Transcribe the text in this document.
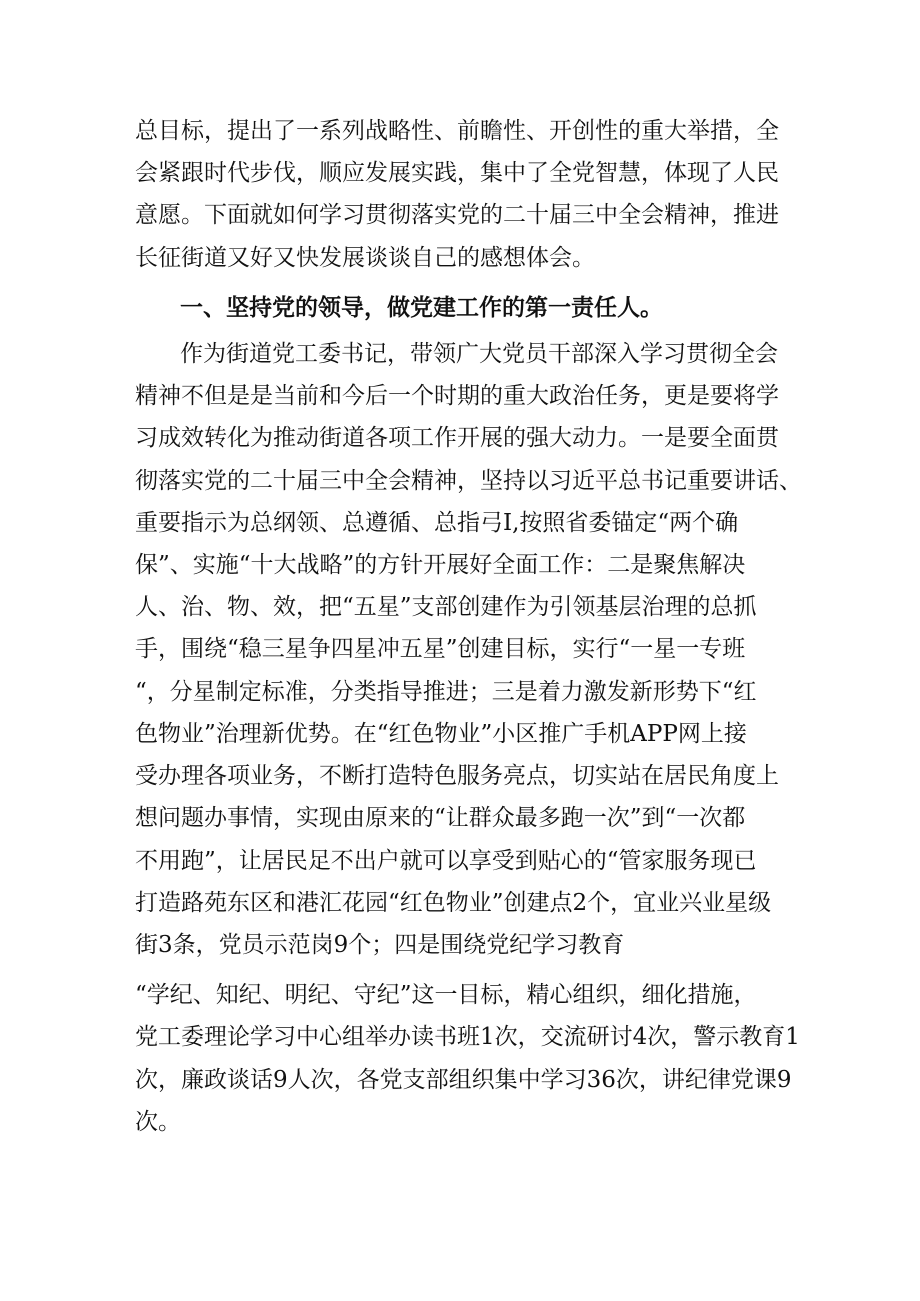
总目标，提出了一系列战略性、前瞻性、开创性的重大举措，全
会紧跟时代步伐，顺应发展实践，集中了全党智慧，体现了人民
意愿。下面就如何学习贯彻落实党的二十届三中全会精神，推进
长征街道又好又快发展谈谈自己的感想体会。
一、坚持党的领导，做党建工作的第一责任人。
作为街道党工委书记，带领广大党员干部深入学习贯彻全会
精神不但是是当前和今后一个时期的重大政治任务，更是要将学
习成效转化为推动街道各项工作开展的强大动力。一是要全面贯
彻落实党的二十届三中全会精神，坚持以习近平总书记重要讲话、
重要指示为总纲领、总遵循、总指弓I,按照省委锚定“两个确
保”、实施“十大战略”的方针开展好全面工作：二是聚焦解决
人、治、物、效，把“五星”支部创建作为引领基层治理的总抓
手，围绕“稳三星争四星冲五星”创建目标，实行“一星一专班
“，分星制定标准，分类指导推进；三是着力激发新形势下“红
色物业”治理新优势。在“红色物业”小区推广手机APP网上接
受办理各项业务，不断打造特色服务亮点，切实站在居民角度上
想问题办事情，实现由原来的“让群众最多跑一次”到“一次都
不用跑”，让居民足不出户就可以享受到贴心的“管家服务现已
打造路苑东区和港汇花园“红色物业”创建点2个，宜业兴业星级
街3条，党员示范岗9个；四是围绕党纪学习教育
“学纪、知纪、明纪、守纪”这一目标，精心组织，细化措施，
党工委理论学习中心组举办读书班1次，交流研讨4次，警示教育1
次，廉政谈话9人次，各党支部组织集中学习36次，讲纪律党课9
次。
